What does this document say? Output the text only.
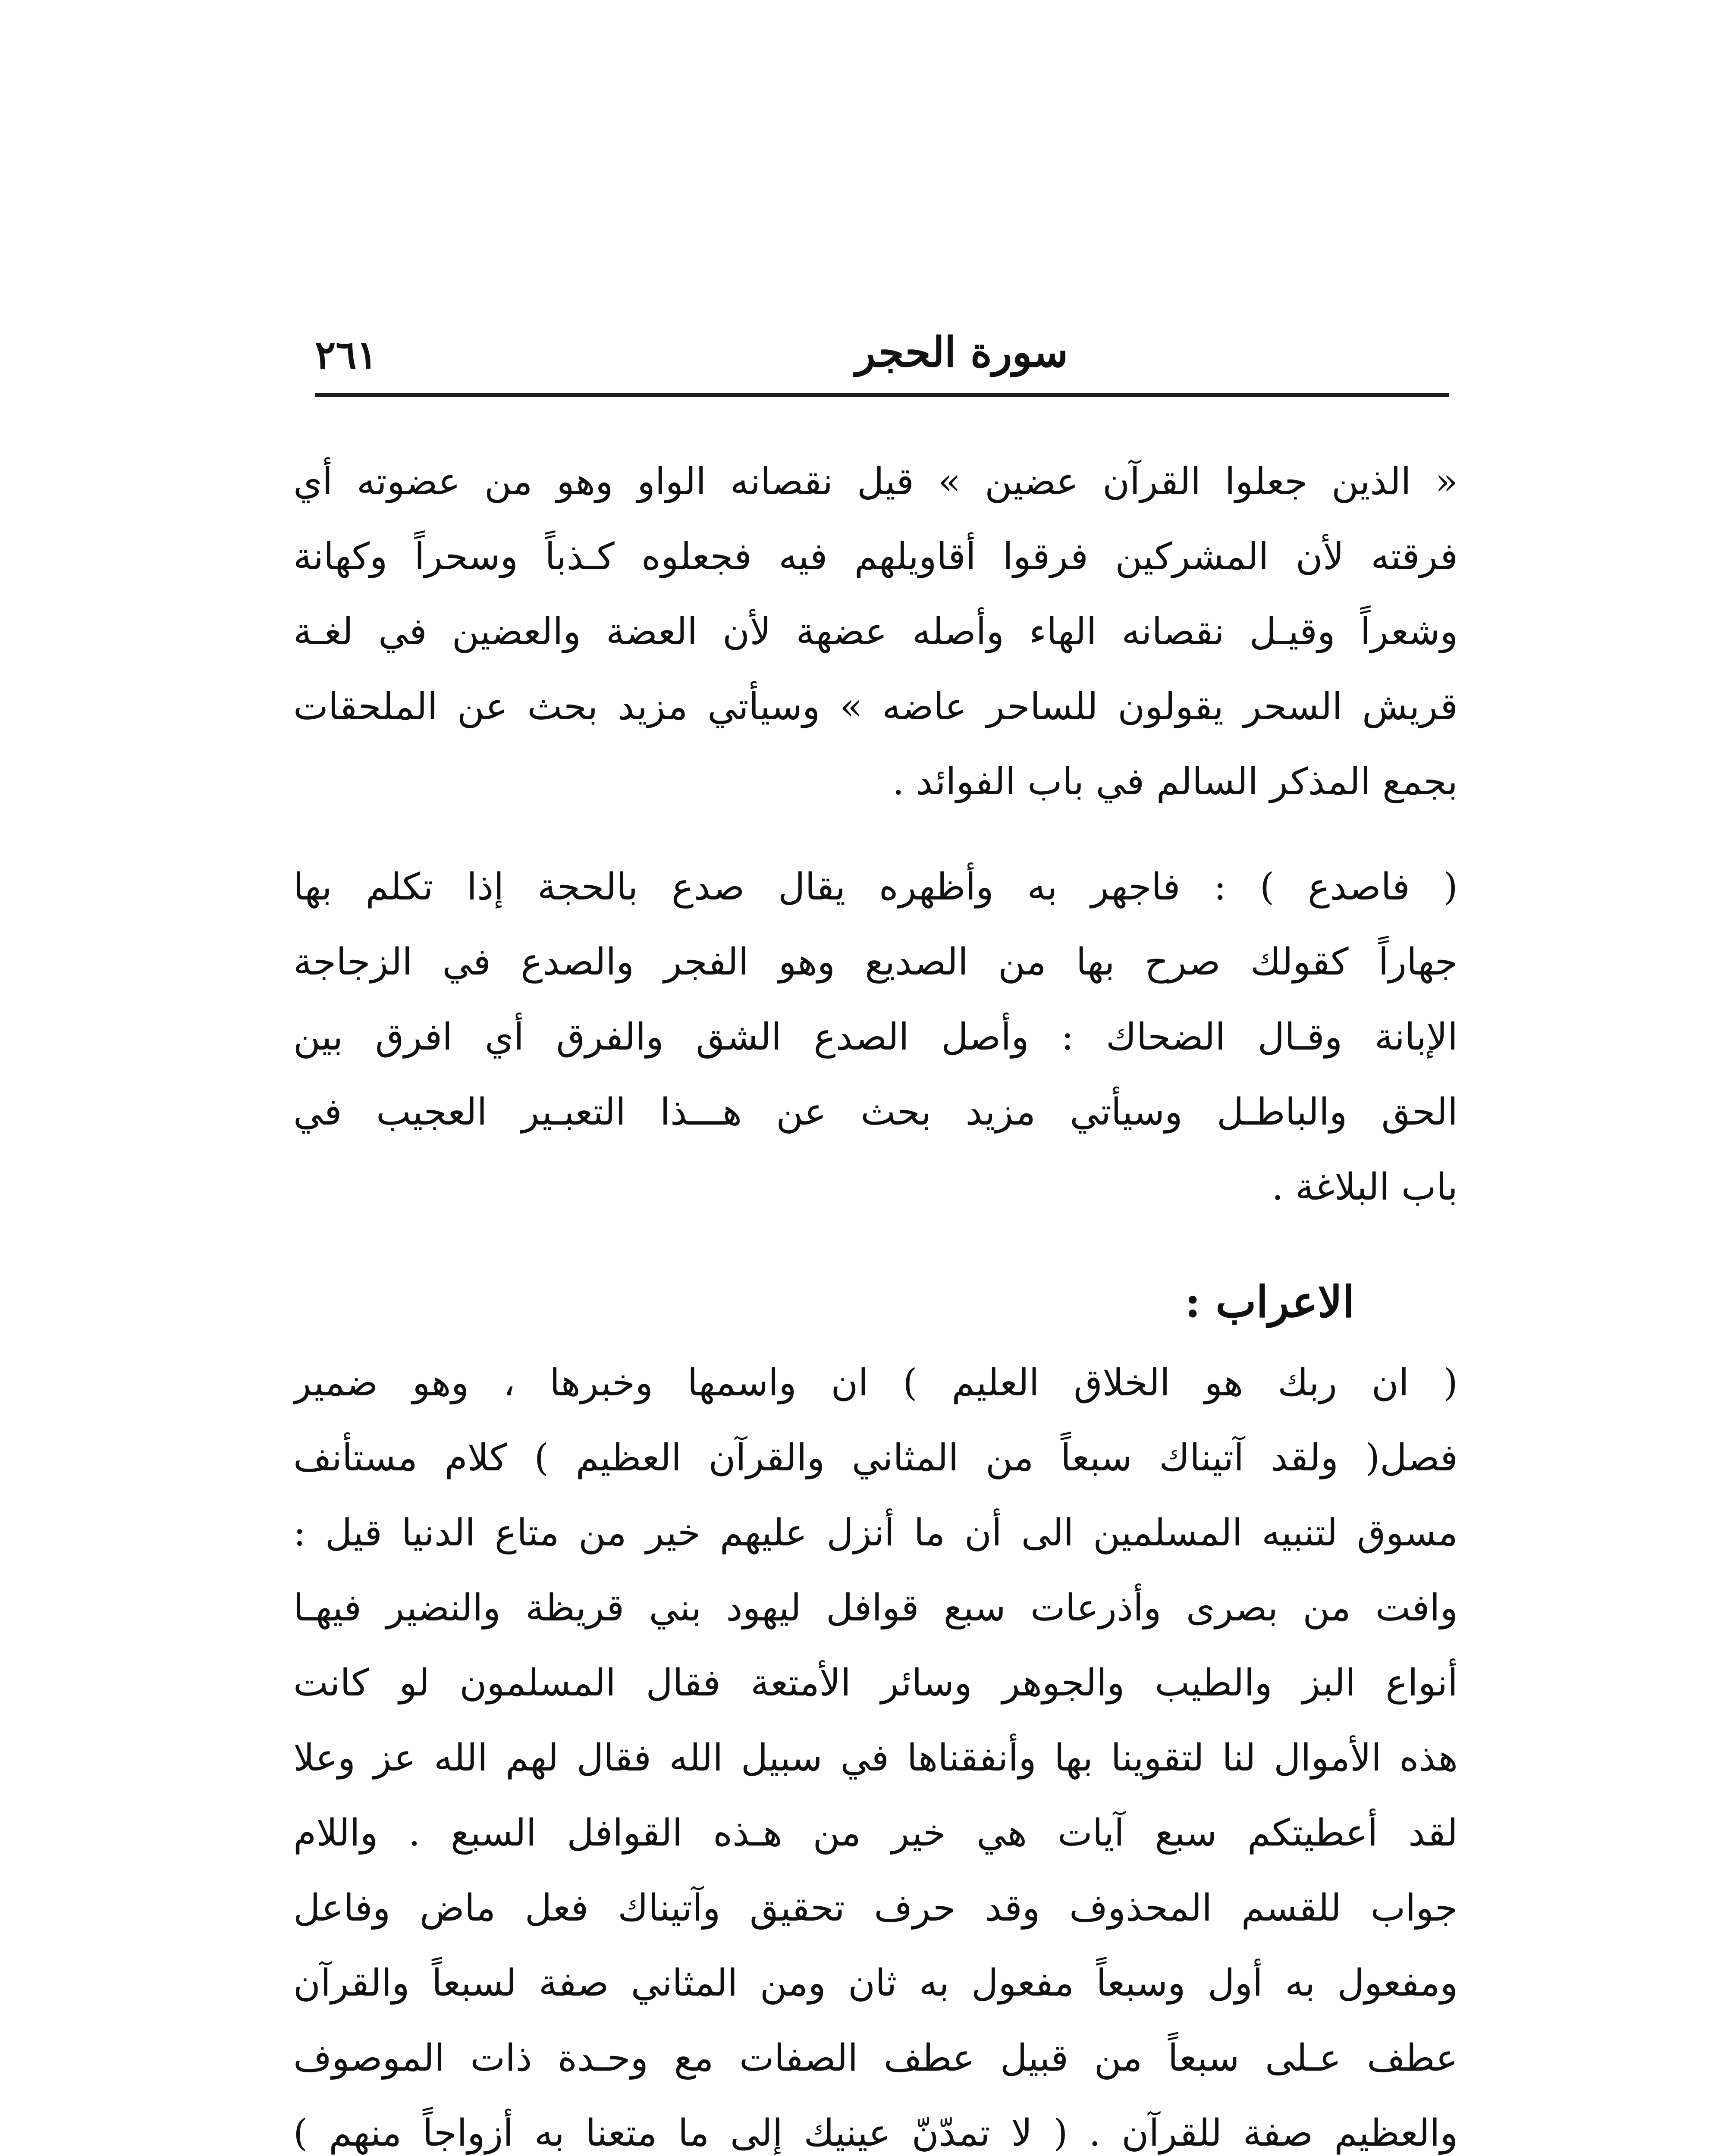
٢٦١	سورة الحجر
« الذين جعلوا القرآن عضين » قيل نقصانه الواو وهو من عضوته أي
فرقته لأن المشركين فرقوا أقاويلهم فيه فجعلوه كـذباً وسحراً وكهانة
وشعراً وقيـل نقصانه الهاء وأصله عضهة لأن العضة والعضين في لغـة
قريش السحر يقولون للساحر عاضه » وسيأتي مزيد بحث عن الملحقات
بجمع المذكر السالم في باب الفوائد .
( فاصدع ) : فاجهر به وأظهره يقال صدع بالحجة إذا تكلم بها
جهاراً كقولك صرح بها من الصديع وهو الفجر والصدع في الزجاجة
الإبانة وقـال الضحاك : وأصل الصدع الشق والفرق أي افرق بين
الحق والباطـل وسيأتي مزيد بحث عن هـــذا التعبـير العجيب في
باب البلاغة .
الاعراب :
( ان ربك هو الخلاق العليم ) ان واسمها وخبرها ، وهو ضمير
فصل( ولقد آتيناك سبعاً من المثاني والقرآن العظيم ) كلام مستأنف
مسوق لتنبيه المسلمين الى أن ما أنزل عليهم خير من متاع الدنيا قيل :
وافت من بصرى وأذرعات سبع قوافل ليهود بني قريظة والنضير فيهـا
أنواع البز والطيب والجوهر وسائر الأمتعة فقال المسلمون لو كانت
هذه الأموال لنا لتقوينا بها وأنفقناها في سبيل الله فقال لهم الله عز وعلا
لقد أعطيتكم سبع آيات هي خير من هـذه القوافل السبع . واللام
جواب للقسم المحذوف وقد حرف تحقيق وآتيناك فعل ماض وفاعل
ومفعول به أول وسبعاً مفعول به ثان ومن المثاني صفة لسبعاً والقرآن
عطف عـلى سبعاً من قبيل عطف الصفات مع وحـدة ذات الموصوف
والعظيم صفة للقرآن . ( لا تمدّنّ عينيك إلى ما متعنا به أزواجاً منهم )
